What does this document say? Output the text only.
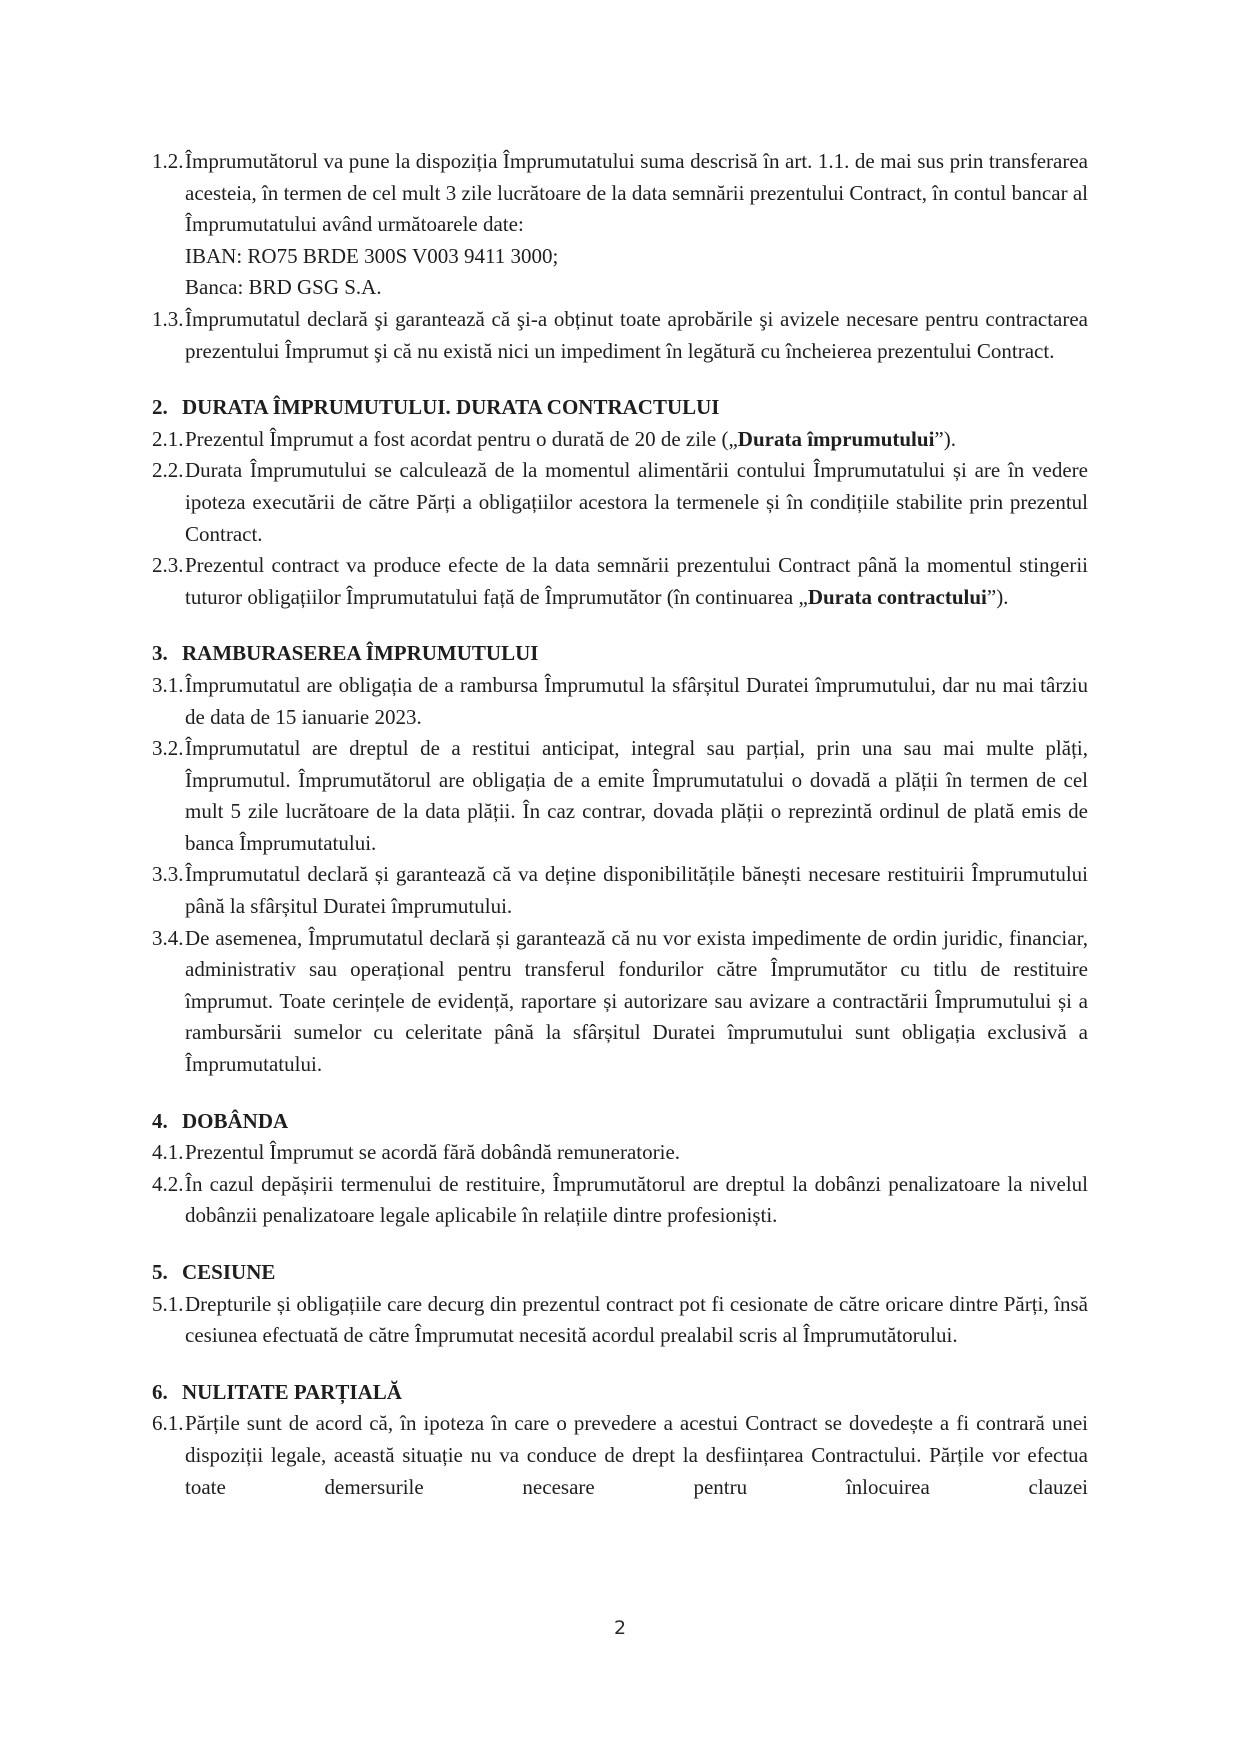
1.2. Împrumutătorul va pune la dispoziția Împrumutatului suma descrisă în art. 1.1. de mai sus prin transferarea acesteia, în termen de cel mult 3 zile lucrătoare de la data semnării prezentului Contract, în contul bancar al Împrumutatului având următoarele date:
IBAN: RO75 BRDE 300S V003 9411 3000;
Banca: BRD GSG S.A.
1.3. Împrumutatul declară şi garantează că şi-a obținut toate aprobările şi avizele necesare pentru contractarea prezentului Împrumut şi că nu există nici un impediment în legătură cu încheierea prezentului Contract.
2. DURATA ÎMPRUMUTULUI. DURATA CONTRACTULUI
2.1. Prezentul Împrumut a fost acordat pentru o durată de 20 de zile („Durata împrumutului”).
2.2. Durata Împrumutului se calculează de la momentul alimentării contului Împrumutatului și are în vedere ipoteza executării de către Părți a obligațiilor acestora la termenele și în condițiile stabilite prin prezentul Contract.
2.3. Prezentul contract va produce efecte de la data semnării prezentului Contract până la momentul stingerii tuturor obligațiilor Împrumutatului față de Împrumutător (în continuarea „Durata contractului”).
3. RAMBURASEREA ÎMPRUMUTULUI
3.1. Împrumutatul are obligația de a rambursa Împrumutul la sfârșitul Duratei împrumutului, dar nu mai târziu de data de 15 ianuarie 2023.
3.2. Împrumutatul are dreptul de a restitui anticipat, integral sau parțial, prin una sau mai multe plăți, Împrumutul. Împrumutătorul are obligația de a emite Împrumutatului o dovadă a plății în termen de cel mult 5 zile lucrătoare de la data plății. În caz contrar, dovada plății o reprezintă ordinul de plată emis de banca Împrumutatului.
3.3. Împrumutatul declară și garantează că va deține disponibilitățile bănești necesare restituirii Împrumutului până la sfârșitul Duratei împrumutului.
3.4. De asemenea, Împrumutatul declară și garantează că nu vor exista impedimente de ordin juridic, financiar, administrativ sau operațional pentru transferul fondurilor către Împrumutător cu titlu de restituire împrumut. Toate cerințele de evidență, raportare și autorizare sau avizare a contractării Împrumutului și a rambursării sumelor cu celeritate până la sfârșitul Duratei împrumutului sunt obligația exclusivă a Împrumutatului.
4. DOBÂNDA
4.1. Prezentul Împrumut se acordă fără dobândă remuneratorie.
4.2. În cazul depășirii termenului de restituire, Împrumutătorul are dreptul la dobânzi penalizatoare la nivelul dobânzii penalizatoare legale aplicabile în relațiile dintre profesioniști.
5. CESIUNE
5.1. Drepturile și obligațiile care decurg din prezentul contract pot fi cesionate de către oricare dintre Părți, însă cesiunea efectuată de către Împrumutat necesită acordul prealabil scris al Împrumutătorului.
6. NULITATE PARȚIALĂ
6.1. Părțile sunt de acord că, în ipoteza în care o prevedere a acestui Contract se dovedește a fi contrară unei dispoziții legale, această situație nu va conduce de drept la desființarea Contractului. Părțile vor efectua toate demersurile necesare pentru înlocuirea clauzei
2
